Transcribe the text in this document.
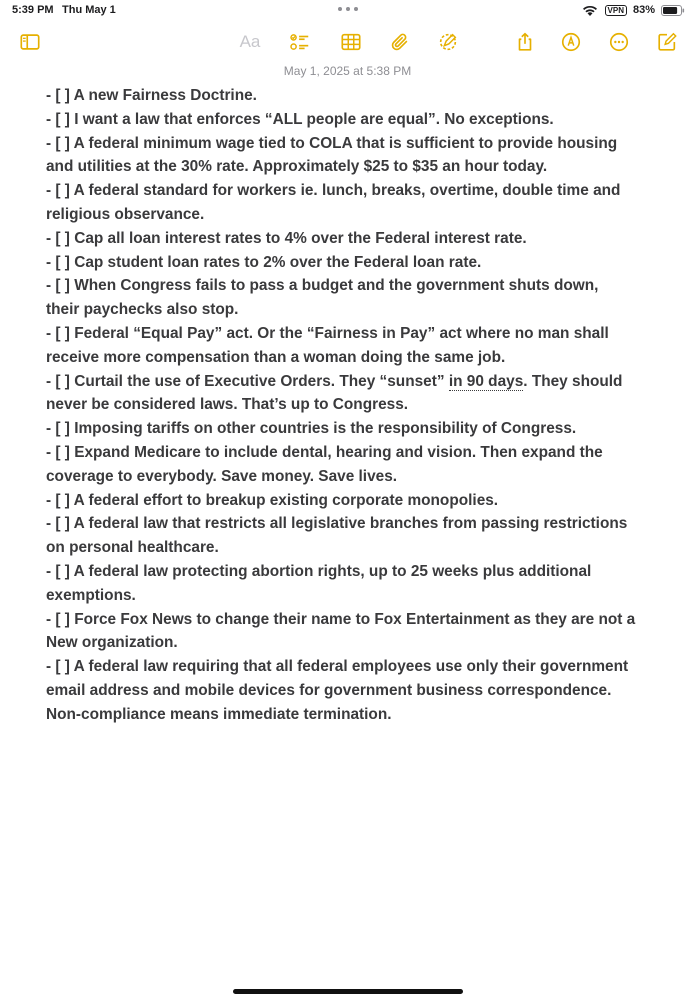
5:39 PM Thu May 1	VPN 83%
Aa
May 1, 2025 at 5:38 PM
- [ ] A new Fairness Doctrine.
- [ ] I want a law that enforces “ALL people are equal”. No exceptions.
- [ ] A federal minimum wage tied to COLA that is sufficient to provide housing
and utilities at the 30% rate. Approximately $25 to $35 an hour today.
- [ ] A federal standard for workers ie. lunch, breaks, overtime, double time and
religious observance.
- [ ] Cap all loan interest rates to 4% over the Federal interest rate.
- [ ] Cap student loan rates to 2% over the Federal loan rate.
- [ ] When Congress fails to pass a budget and the government shuts down,
their paychecks also stop.
- [ ] Federal “Equal Pay” act. Or the “Fairness in Pay” act where no man shall
receive more compensation than a woman doing the same job.
- [ ] Curtail the use of Executive Orders. They “sunset” in 90 days. They should
never be considered laws. That’s up to Congress.
- [ ] Imposing tariffs on other countries is the responsibility of Congress.
- [ ] Expand Medicare to include dental, hearing and vision. Then expand the
coverage to everybody. Save money. Save lives.
- [ ] A federal effort to breakup existing corporate monopolies.
- [ ] A federal law that restricts all legislative branches from passing restrictions
on personal healthcare.
- [ ] A federal law protecting abortion rights, up to 25 weeks plus additional
exemptions.
- [ ] Force Fox News to change their name to Fox Entertainment as they are not a
New organization.
- [ ] A federal law requiring that all federal employees use only their government
email address and mobile devices for government business correspondence.
Non-compliance means immediate termination.
